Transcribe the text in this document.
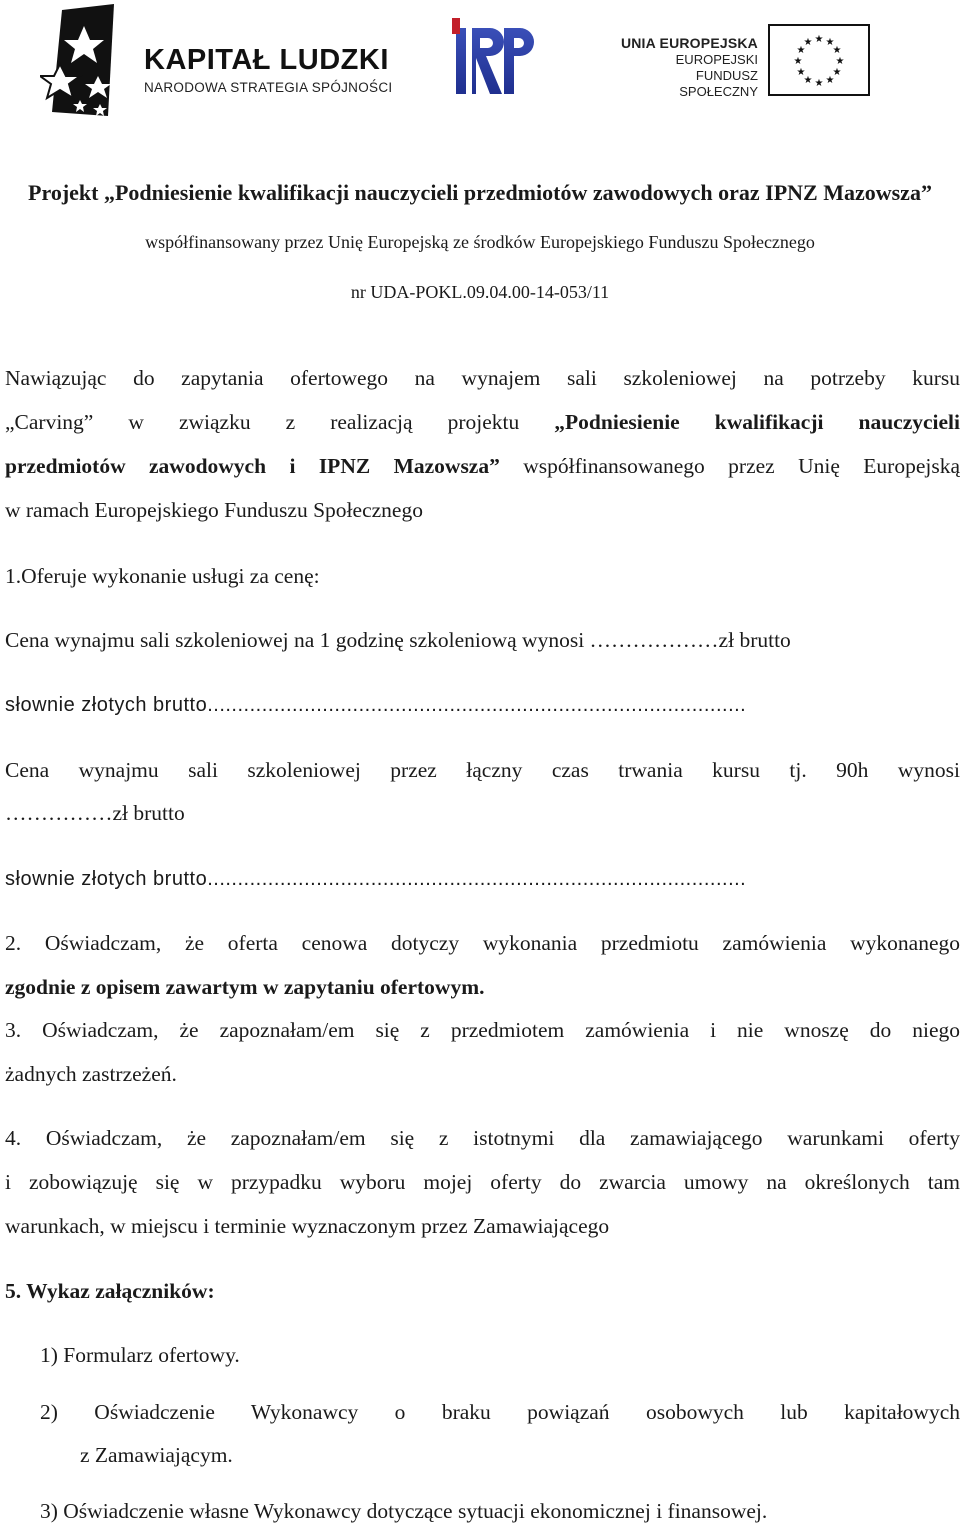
KAPITAŁ LUDZKI
NARODOWA STRATEGIA SPÓJNOŚCI
UNIA EUROPEJSKA
EUROPEJSKI
FUNDUSZ SPOŁECZNY
★ ★
★
★
★
★
★
★
★
★
★
★

Projekt „Podniesienie kwalifikacji nauczycieli przedmiotów zawodowych oraz IPNZ Mazowsza”

współfinansowany przez Unię Europejską ze środków Europejskiego Funduszu Społecznego

nr UDA-POKL.09.04.00-14-053/11

Nawiązując do zapytania ofertowego na wynajem sali szkoleniowej na potrzeby kursu

„Carving” w związku z realizacją projektu „Podniesienie kwalifikacji nauczycieli

przedmiotów zawodowych i IPNZ Mazowsza” współfinansowanego przez Unię Europejską

w ramach Europejskiego Funduszu Społecznego

1.Oferuje wykonanie usługi za cenę:

Cena wynajmu sali szkoleniowej na 1 godzinę szkoleniową wynosi ………………zł brutto

słownie złotych brutto.........................................................................................

Cena wynajmu sali szkoleniowej przez łączny czas trwania kursu tj. 90h wynosi

……………zł brutto

słownie złotych brutto.........................................................................................

2. Oświadczam, że oferta cenowa dotyczy wykonania przedmiotu zamówienia wykonanego

zgodnie z opisem zawartym w zapytaniu ofertowym.

3. Oświadczam, że zapoznałam/em się z przedmiotem zamówienia i nie wnoszę do niego

żadnych zastrzeżeń.

4. Oświadczam, że zapoznałam/em się z istotnymi dla zamawiającego warunkami oferty

i zobowiązuję się w przypadku wyboru mojej oferty do zwarcia umowy na określonych tam

warunkach, w miejscu i terminie wyznaczonym przez Zamawiającego

5. Wykaz załączników:

1) Formularz ofertowy.

2) Oświadczenie Wykonawcy o braku powiązań osobowych lub kapitałowych

z Zamawiającym.

3) Oświadczenie własne Wykonawcy dotyczące sytuacji ekonomicznej i finansowej.
